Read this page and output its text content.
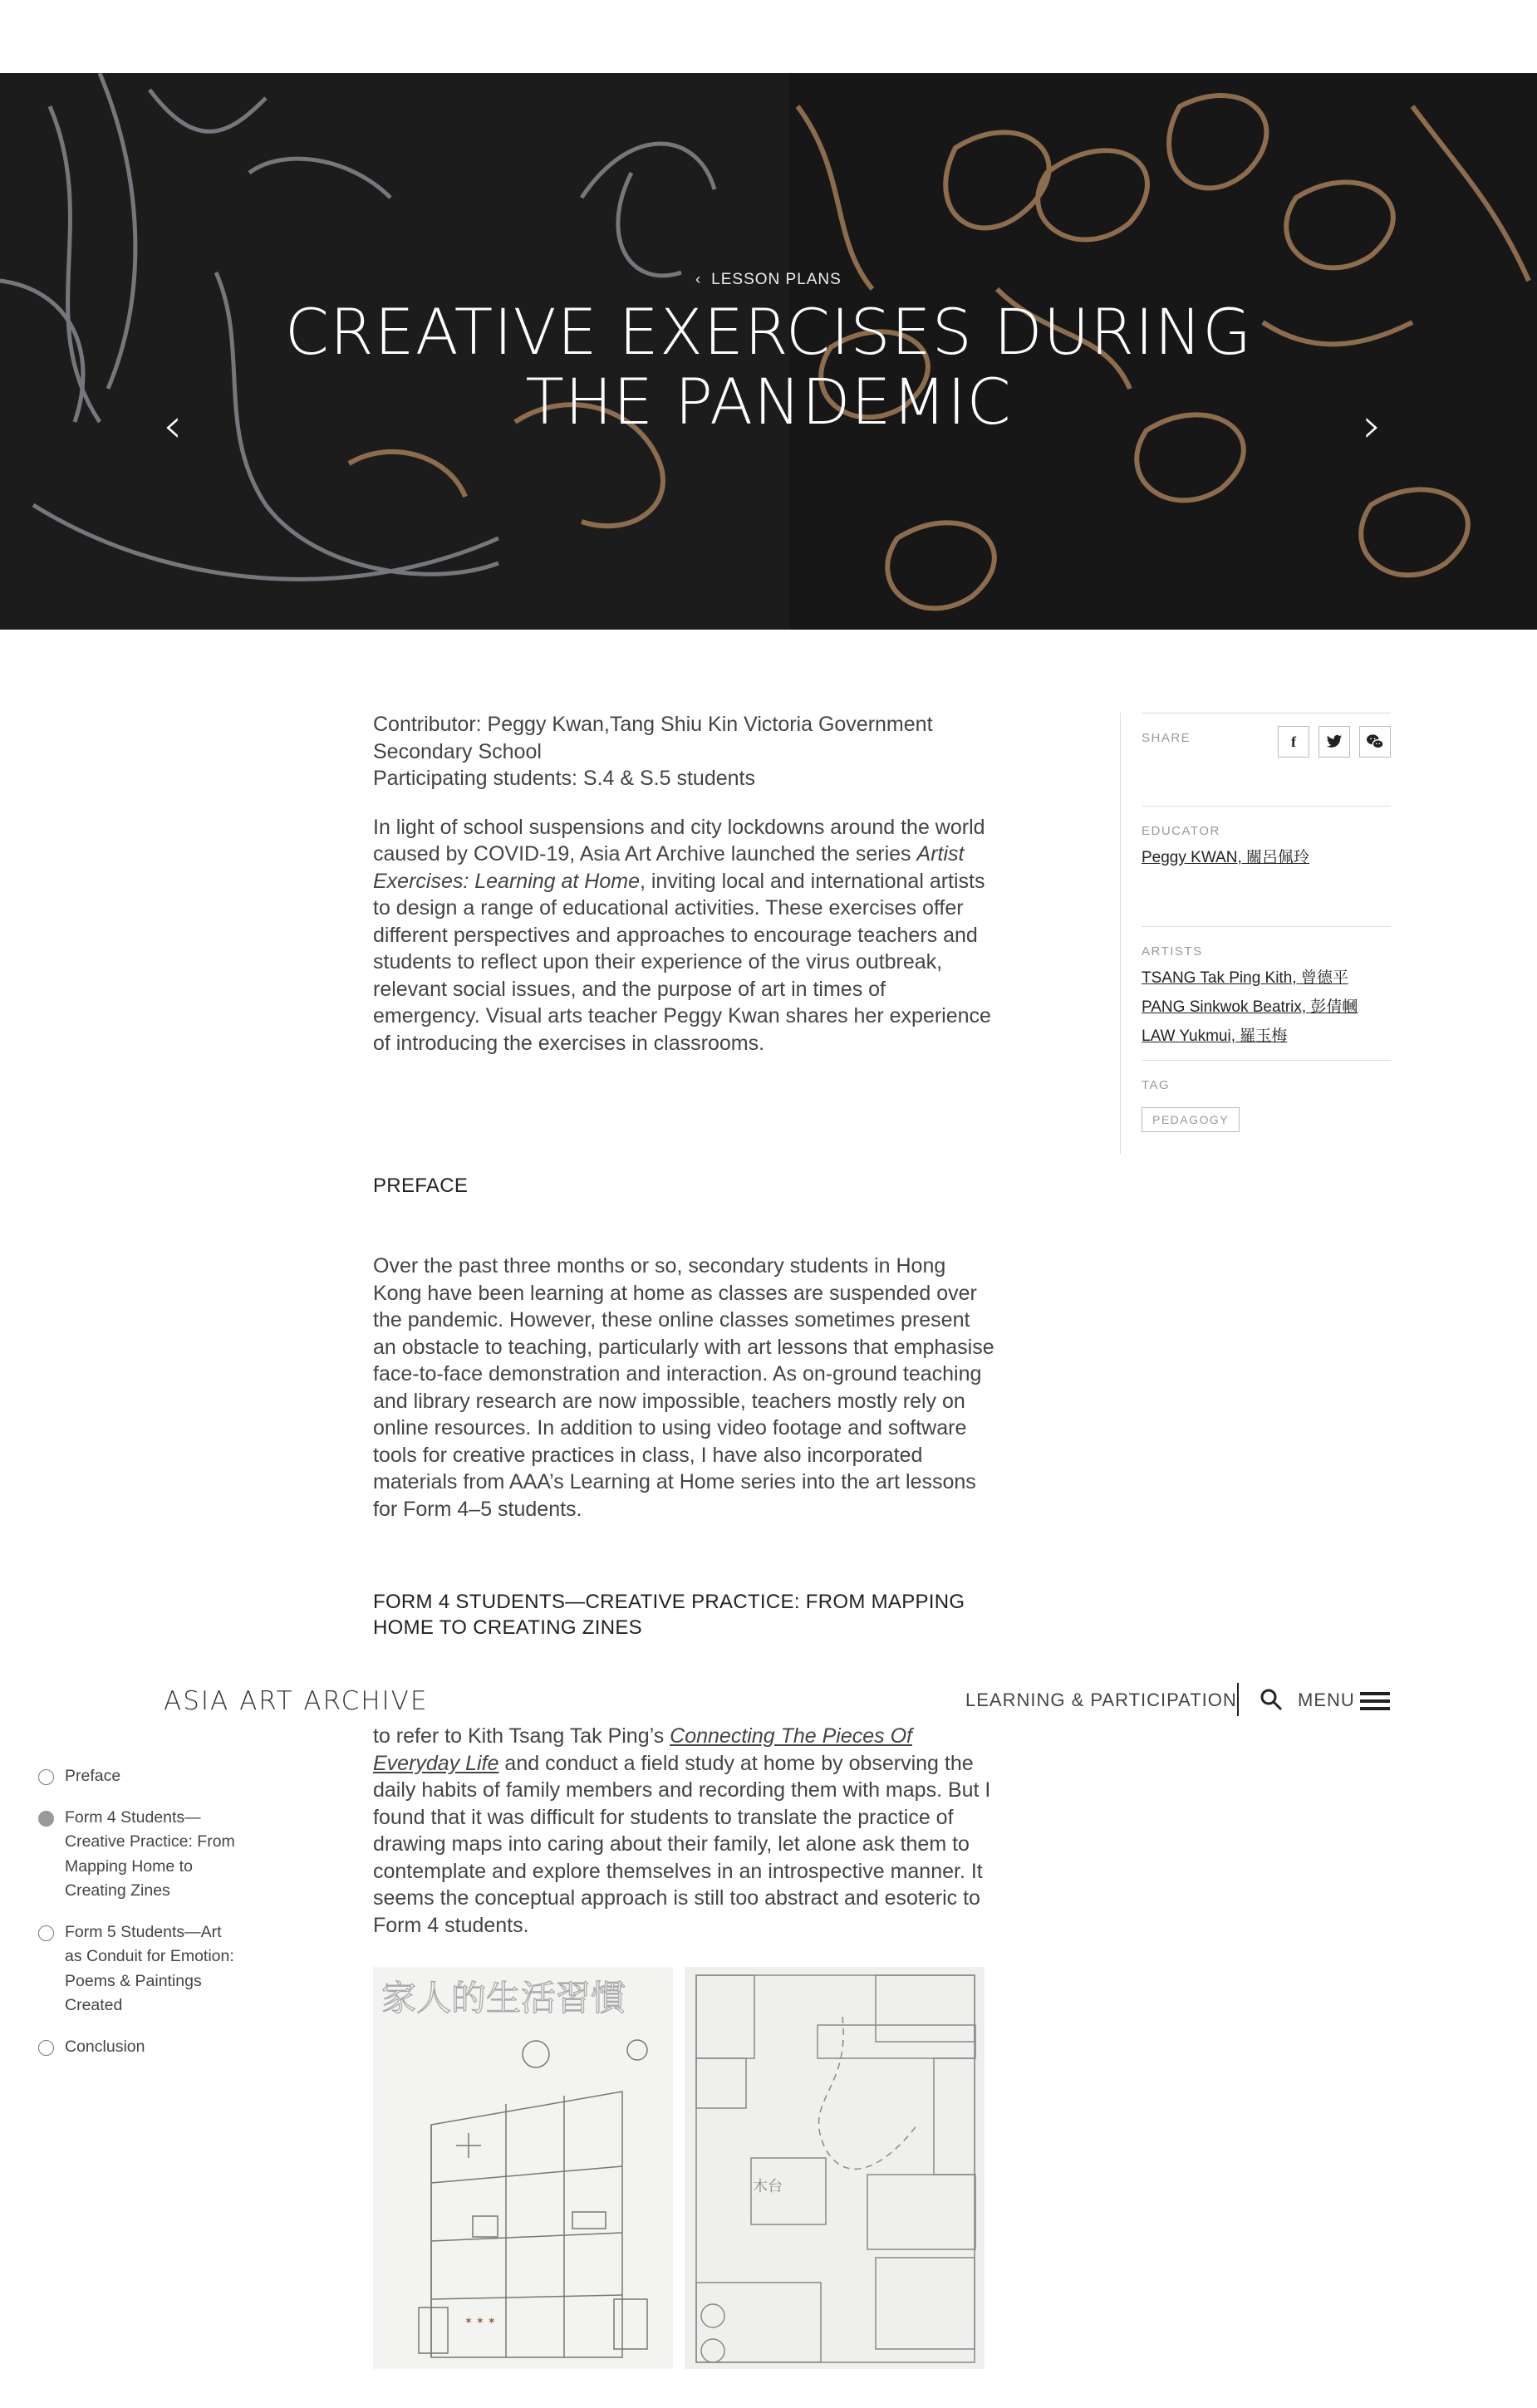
‹ LESSON PLANS
CREATIVE EXERCISES DURING THE PANDEMIC
‹	›

Contributor: Peggy Kwan,Tang Shiu Kin Victoria Government Secondary School

Participating students: S.4 & S.5 students

In light of school suspensions and city lockdowns around the world caused by COVID-19, Asia Art Archive launched the series Artist Exercises: Learning at Home, inviting local and international artists to design a range of educational activities. These exercises offer different perspectives and approaches to encourage teachers and students to reflect upon their experience of the virus outbreak, relevant social issues, and the purpose of art in times of emergency. Visual arts teacher Peggy Kwan shares her experience of introducing the exercises in classrooms.

PREFACE

Over the past three months or so, secondary students in Hong Kong have been learning at home as classes are suspended over the pandemic. However, these online classes sometimes present an obstacle to teaching, particularly with art lessons that emphasise face-to-face demonstration and interaction. As on-ground teaching and library research are now impossible, teachers mostly rely on online resources. In addition to using video footage and software tools for creative practices in class, I have also incorporated materials from AAA’s Learning at Home series into the art lessons for Form 4–5 students.

FORM 4 STUDENTS—CREATIVE PRACTICE: FROM MAPPING HOME TO CREATING ZINES
SHARE	f
EDUCATOR
Peggy KWAN, 關呂佩玲
ARTISTS
TSANG Tak Ping Kith, 曾德平
PANG Sinkwok Beatrix, 彭倩幗
LAW Yukmui, 羅玉梅
TAG
PEDAGOGY
ASIA ART ARCHIVE	LEARNING & PARTICIPATION	MENU
Preface
Form 4 Students—Creative Practice: From Mapping Home to Creating Zines
Form 5 Students—Art as Conduit for Emotion: Poems & Paintings Created
Conclusion

to refer to Kith Tsang Tak Ping’s Connecting The Pieces Of Everyday Life and conduct a field study at home by observing the daily habits of family members and recording them with maps. But I found that it was difficult for students to translate the practice of drawing maps into caring about their family, let alone ask them to contemplate and explore themselves in an introspective manner. It seems the conceptual approach is still too abstract and esoteric to Form 4 students.

家人的生活習慣
✶ ✶ ✶
木台
